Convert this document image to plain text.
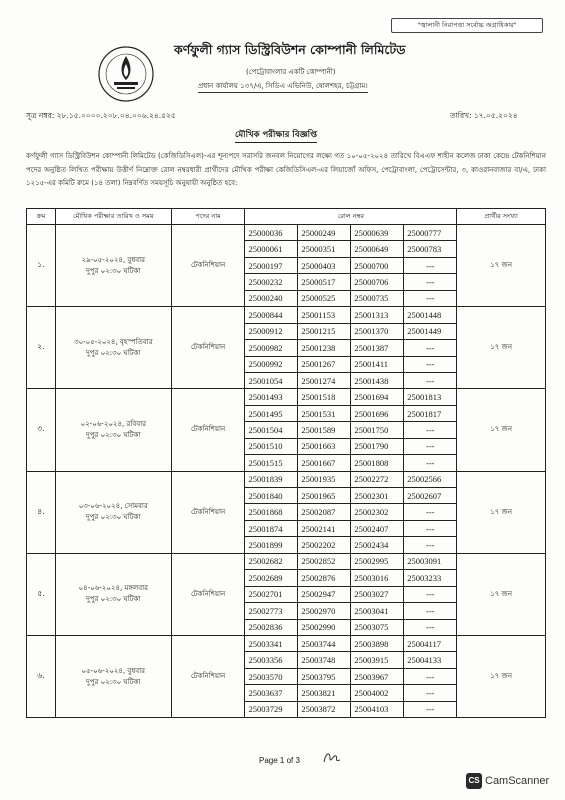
"জ্বালানী নিরাপত্তা সর্বোচ্চ অগ্রাধিকার"
কর্ণফুলী গ্যাস ডিস্ট্রিবিউশন কোম্পানী লিমিটেড
(পেট্রোবাংলার একটি কোম্পানী)
প্রধান কার্যালয় ১৩৭/এ, সিডিএ এভিনিউ, ষোলশহর, চট্টগ্রাম।
সূত্র নম্বর: ২৮.১৫.০০০০.২০৮.০৪.০০৬.২৪.৫২৫	তারিখ: ১৭.০৫.২০২৪
মৌখিক পরীক্ষার বিজ্ঞপ্তি
কর্ণফুলী গ্যাস ডিস্ট্রিবিউশন কোম্পানী লিমিটেড (কেজিডিসিএল)-এর শূন্যপদে সরাসরি জনবল নিয়োগের লক্ষ্যে গত ১০-০৫-২০২৪ তারিখে বিএএফ শাহীন কলেজ ঢাকা কেন্দ্রে টেকনিশিয়ান পদের অনুষ্ঠিত লিখিত পরীক্ষায় উত্তীর্ণ নিম্নোক্ত রোল নম্বরধারী প্রার্থীদের মৌখিক পরীক্ষা কেজিডিসিএল-এর লিয়াজোঁ অফিস, পেট্রোবাংলা, পেট্রোসেন্টার, ৩, কাওরানবাজার বা/এ, ঢাকা ১২১৫-এর কমিটি রুমে (১৪ তলা) নিম্নবর্ণিত সময়সূচি অনুযায়ী অনুষ্ঠিত হবে:
ক্রম	মৌখিক পরীক্ষার তারিখ ও সময়	পদের নাম	রোল নম্বর				প্রার্থীর সংখ্যা
১.	২৯-০৫-২০২৪, বুধবার
দুপুর ০২:৩০ ঘটিকা	টেকনিশিয়ান	25000036	25000249	25000639	25000777	১৭ জন
			25000061	25000351	25000649	25000783	
			25000197	25000403	25000700	---	
			25000232	25000517	25000706	---	
			25000240	25000525	25000735	---	
২.	৩০-০৫-২০২৪, বৃহস্পতিবার
দুপুর ০২:৩০ ঘটিকা	টেকনিশিয়ান	25000844	25001153	25001313	25001448	১৭ জন
			25000912	25001215	25001370	25001449	
			25000982	25001238	25001387	---	
			25000992	25001267	25001411	---	
			25001054	25001274	25001438	---	
৩.	০২-০৬-২০২৪, রবিবার
দুপুর ০২:৩০ ঘটিকা	টেকনিশিয়ান	25001493	25001518	25001694	25001813	১৭ জন
			25001495	25001531	25001696	25001817	
			25001504	25001589	25001750	---	
			25001510	25001663	25001790	---	
			25001515	25001667	25001808	---	
৪.	০৩-০৬-২০২৪, সোমবার
দুপুর ০২:৩০ ঘটিকা	টেকনিশিয়ান	25001839	25001935	25002272	25002566	১৭ জন
			25001840	25001965	25002301	25002607	
			25001868	25002087	25002302	---	
			25001874	25002141	25002407	---	
			25001899	25002202	25002434	---	
৫.	০৪-০৬-২০২৪, মঙ্গলবার
দুপুর ০২:৩০ ঘটিকা	টেকনিশিয়ান	25002682	25002852	25002995	25003091	১৭ জন
			25002689	25002876	25003016	25003233	
			25002701	25002947	25003027	---	
			25002773	25002970	25003041	---	
			25002836	25002990	25003075	---	
৬.	০৫-০৬-২০২৪, বুধবার
দুপুর ০২:৩০ ঘটিকা	টেকনিশিয়ান	25003341	25003744	25003898	25004117	১৭ জন
			25003356	25003748	25003915	25004133	
			25003570	25003795	25003967	---	
			25003637	25003821	25004002	---	
			25003729	25003872	25004103	---	
Page 1 of 3
CS CamScanner
